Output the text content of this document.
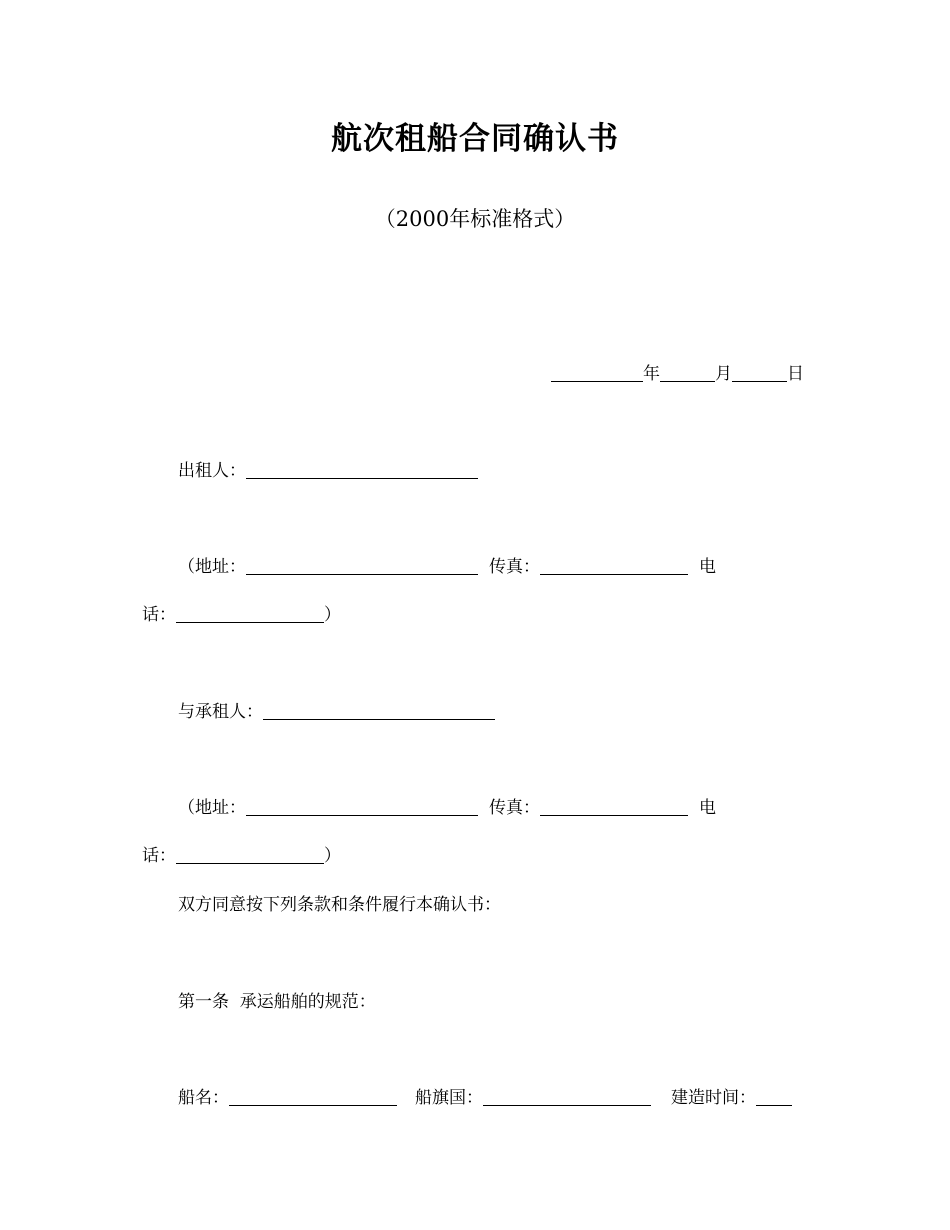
航次租船合同确认书
（2000年标准格式）
年	月	日
出租人：
（地址：	传真：	电
话：	）
与承租人：
（地址：	传真：	电
话：	）
双方同意按下列条款和条件履行本确认书：
第一条  承运船舶的规范：
船名：	船旗国：	建造时间：
